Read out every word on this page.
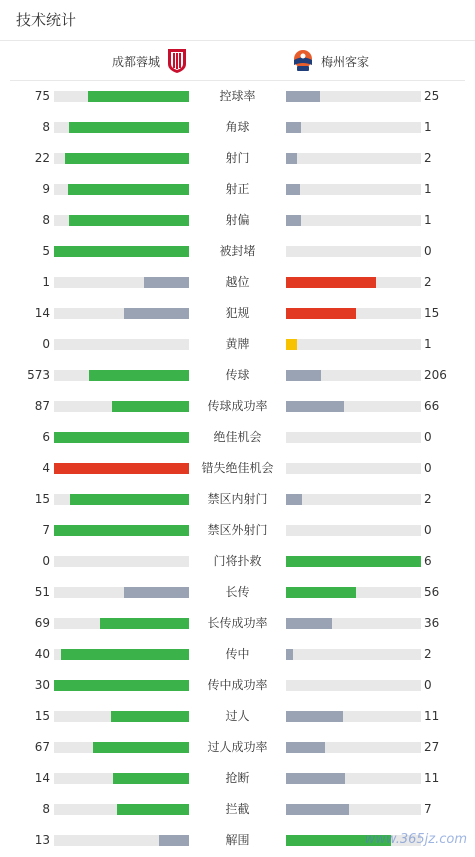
技术统计
成都蓉城	梅州客家
75	控球率	25
8	角球	1
22	射门	2
9	射正	1
8	射偏	1
5	被封堵	0
1	越位	2
14	犯规	15
0	黄牌	1
573	传球	206
87	传球成功率	66
6	绝佳机会	0
4	错失绝佳机会	0
15	禁区内射门	2
7	禁区外射门	0
0	门将扑救	6
51	长传	56
69	长传成功率	36
40	传中	2
30	传中成功率	0
15	过人	11
67	过人成功率	27
14	抢断	11
8	拦截	7
13	解围	www.365jz.com
